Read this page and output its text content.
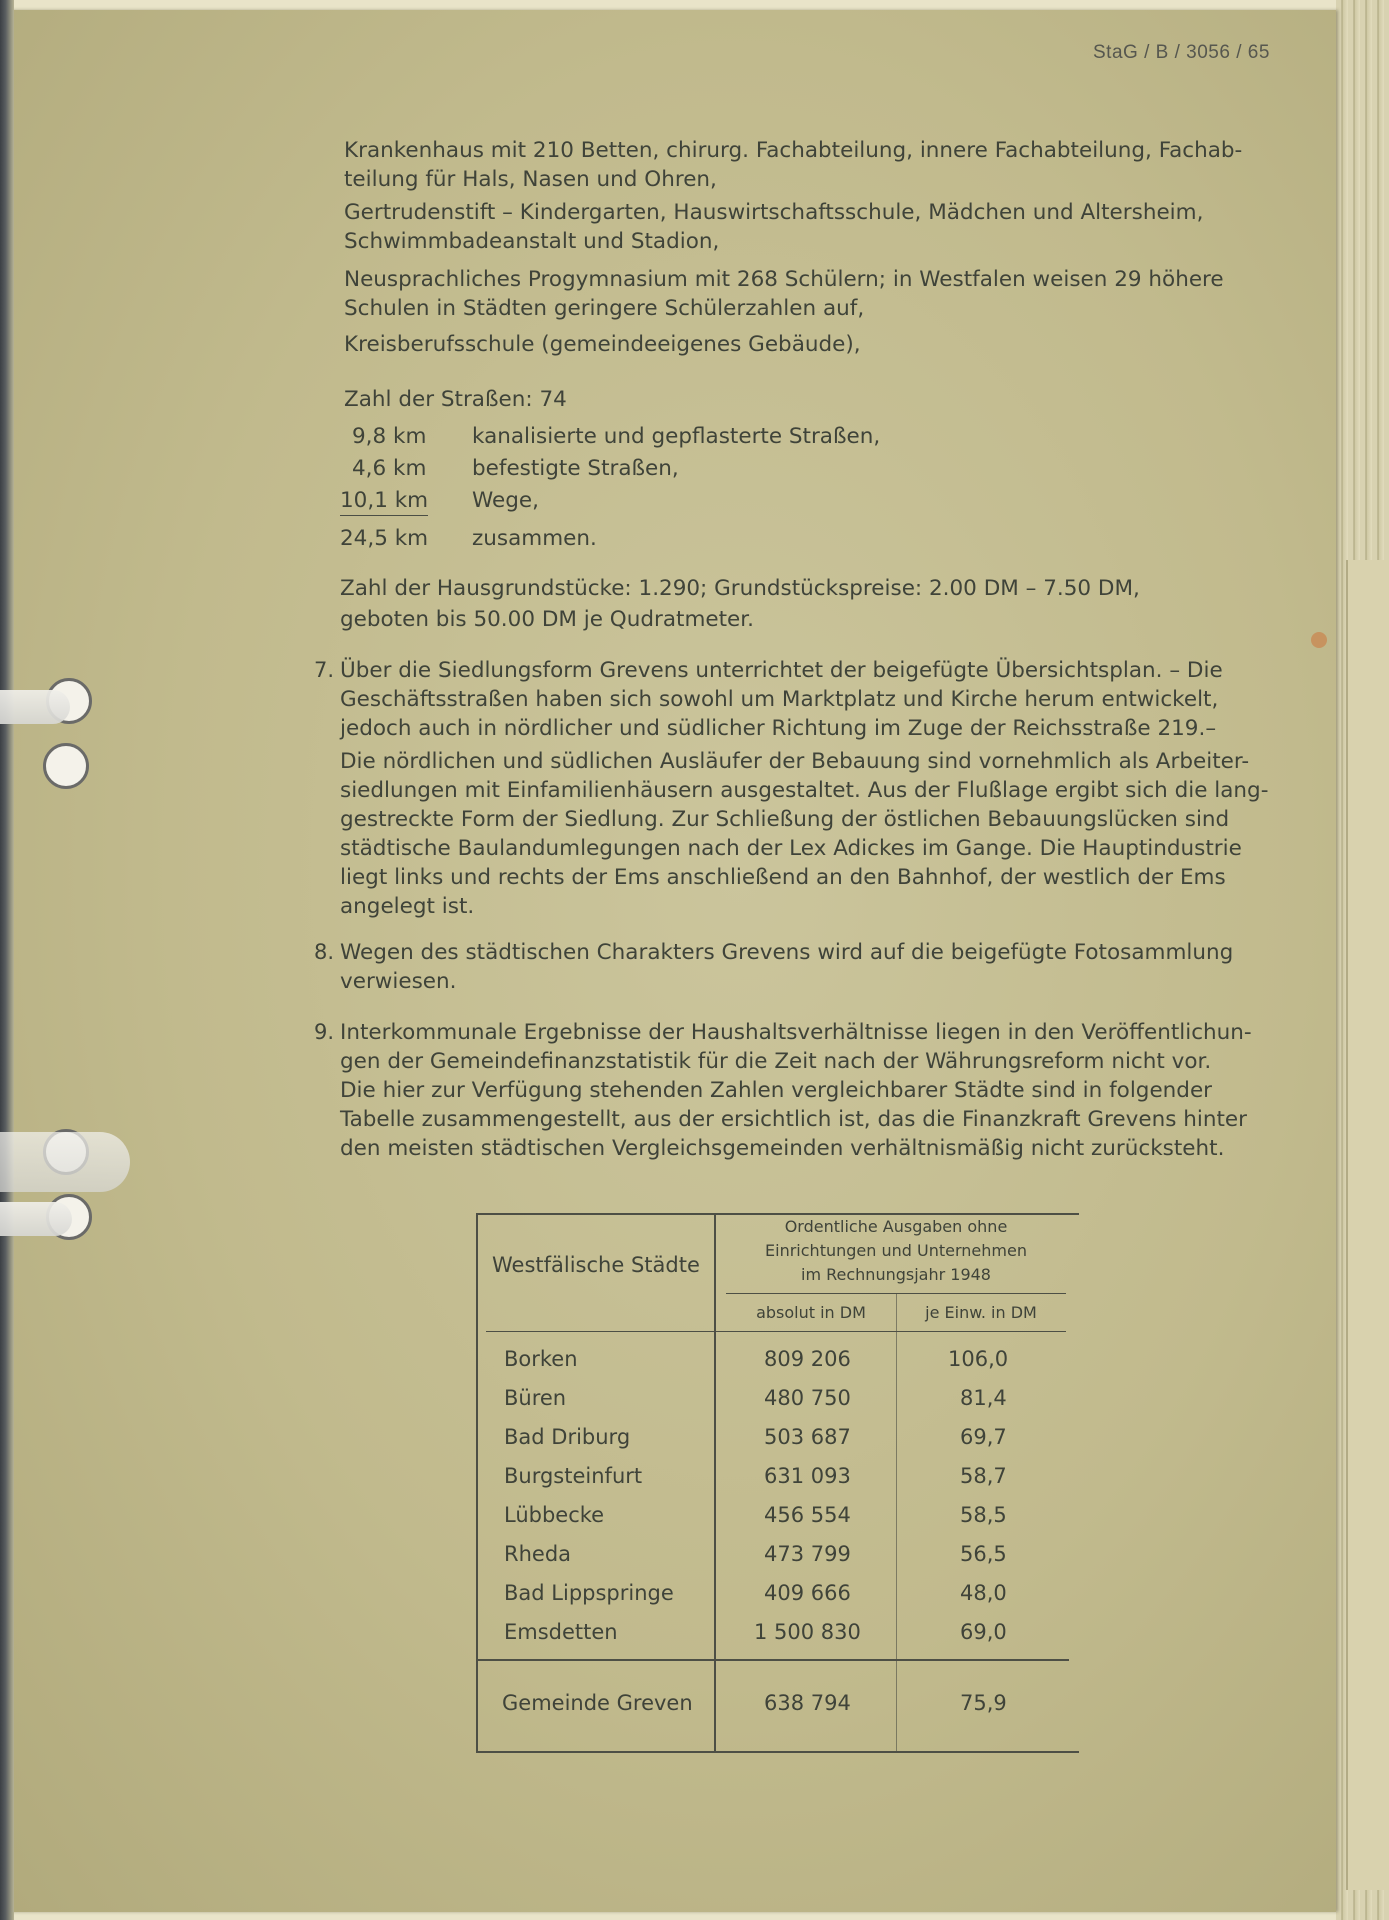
StaG / B / 3056 / 65
Krankenhaus mit 210 Betten, chirurg. Fachabteilung, innere Fachabteilung, Fachab-
teilung für Hals, Nasen und Ohren,
Gertrudenstift – Kindergarten, Hauswirtschaftsschule, Mädchen und Altersheim,
Schwimmbadeanstalt und Stadion,
Neusprachliches Progymnasium mit 268 Schülern; in Westfalen weisen 29 höhere
Schulen in Städten geringere Schülerzahlen auf,
Kreisberufsschule (gemeindeeigenes Gebäude),
Zahl der Straßen: 74
9,8 km kanalisierte und gepflasterte Straßen,
4,6 km befestigte Straßen,
10,1 km Wege,
24,5 km zusammen.
Zahl der Hausgrundstücke: 1.290; Grundstückspreise: 2.00 DM – 7.50 DM,
geboten bis 50.00 DM je Qudratmeter.
7. Über die Siedlungsform Grevens unterrichtet der beigefügte Übersichtsplan. – Die
Geschäftsstraßen haben sich sowohl um Marktplatz und Kirche herum entwickelt,
jedoch auch in nördlicher und südlicher Richtung im Zuge der Reichsstraße 219.–
Die nördlichen und südlichen Ausläufer der Bebauung sind vornehmlich als Arbeiter-
siedlungen mit Einfamilienhäusern ausgestaltet. Aus der Flußlage ergibt sich die lang-
gestreckte Form der Siedlung. Zur Schließung der östlichen Bebauungslücken sind
städtische Baulandumlegungen nach der Lex Adickes im Gange. Die Hauptindustrie
liegt links und rechts der Ems anschließend an den Bahnhof, der westlich der Ems
angelegt ist.
8. Wegen des städtischen Charakters Grevens wird auf die beigefügte Fotosammlung
verwiesen.
9. Interkommunale Ergebnisse der Haushaltsverhältnisse liegen in den Veröffentlichun-
gen der Gemeindefinanzstatistik für die Zeit nach der Währungsreform nicht vor.
Die hier zur Verfügung stehenden Zahlen vergleichbarer Städte sind in folgender
Tabelle zusammengestellt, aus der ersichtlich ist, das die Finanzkraft Grevens hinter
den meisten städtischen Vergleichsgemeinden verhältnismäßig nicht zurücksteht.
Westfälische Städte
Ordentliche Ausgaben ohne
Einrichtungen und Unternehmen
im Rechnungsjahr 1948
absolut in DM	je Einw. in DM
Borken	809 206	106,0
Büren	480 750	81,4
Bad Driburg	503 687	69,7
Burgsteinfurt	631 093	58,7
Lübbecke	456 554	58,5
Rheda	473 799	56,5
Bad Lippspringe	409 666	48,0
Emsdetten	1 500 830	69,0
Gemeinde Greven	638 794	75,9
